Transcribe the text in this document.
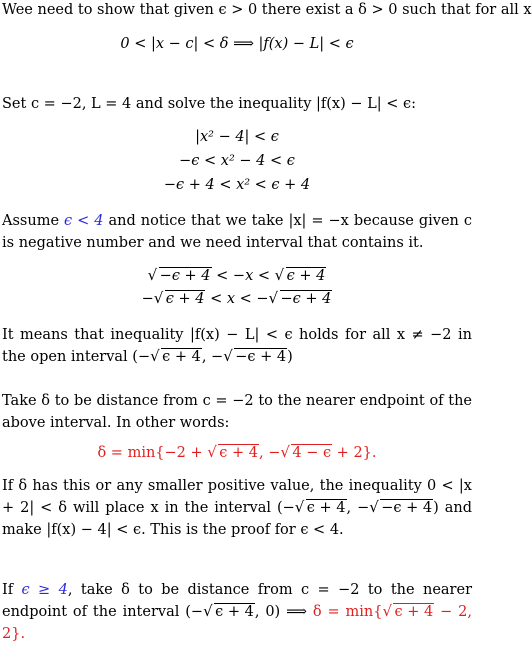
Wee need to show that given ϵ > 0 there exist a δ > 0 such that for all x
0 < |x − c| < δ ⟹ |f(x) − L| < ϵ
Set c = −2, L = 4 and solve the inequality |f(x) − L| < ϵ:
|x² − 4| < ϵ
−ϵ < x² − 4 < ϵ
−ϵ + 4 < x² < ϵ + 4
Assume ϵ < 4 and notice that we take |x| = −x because given c is negative number and we need interval that contains it.
√ −ϵ + 4 < −x < √ ϵ + 4
− √ ϵ + 4 < x < − √ −ϵ + 4
It means that inequality |f(x) − L| < ϵ holds for all x ≠ −2 in the open interval (− √ ϵ + 4, − √ −ϵ + 4)
Take δ to be distance from c = −2 to the nearer endpoint of the above interval. In other words:
δ = min{−2 + √ ϵ + 4, − √ 4 − ϵ + 2}.
If δ has this or any smaller positive value, the inequality 0 < |x + 2| < δ will place x in the interval (− √ ϵ + 4, − √ −ϵ + 4) and make |f(x) − 4| < ϵ. This is the proof for ϵ < 4.
If ϵ ≥ 4, take δ to be distance from c = −2 to the nearer endpoint of the interval (− √ ϵ + 4, 0) ⟹ δ = min{ √ ϵ + 4 − 2, 2}.
